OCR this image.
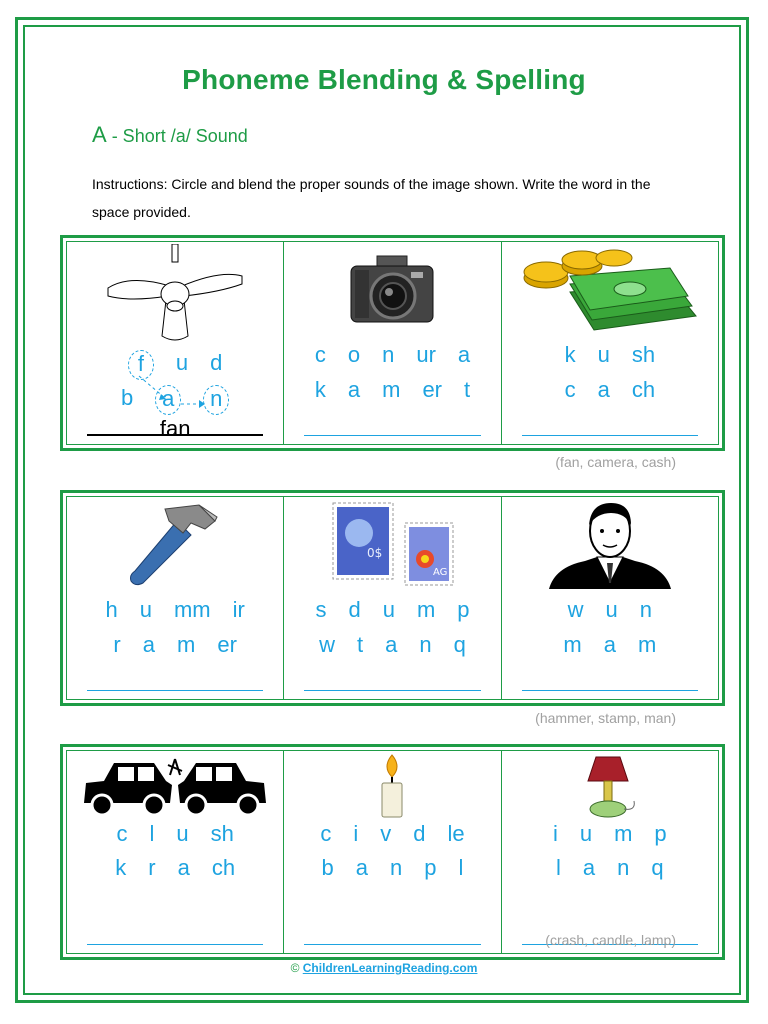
Phoneme Blending & Spelling
A - Short /a/ Sound
Instructions: Circle and blend the proper sounds of the image shown. Write the word in the space provided.
f	u d
b	a	n
fan
c o n ur a
k a m er t
k u sh
c a ch
(fan, camera, cash)
h u mm ir
r a m er
0$
AG
s d u m p
w t a n q
w u n
m a m
(hammer, stamp, man)
c l u sh
k r a ch
c i v d le
b a n p l
i u m p
l a n q
(crash, candle, lamp)
© ChildrenLearningReading.com
